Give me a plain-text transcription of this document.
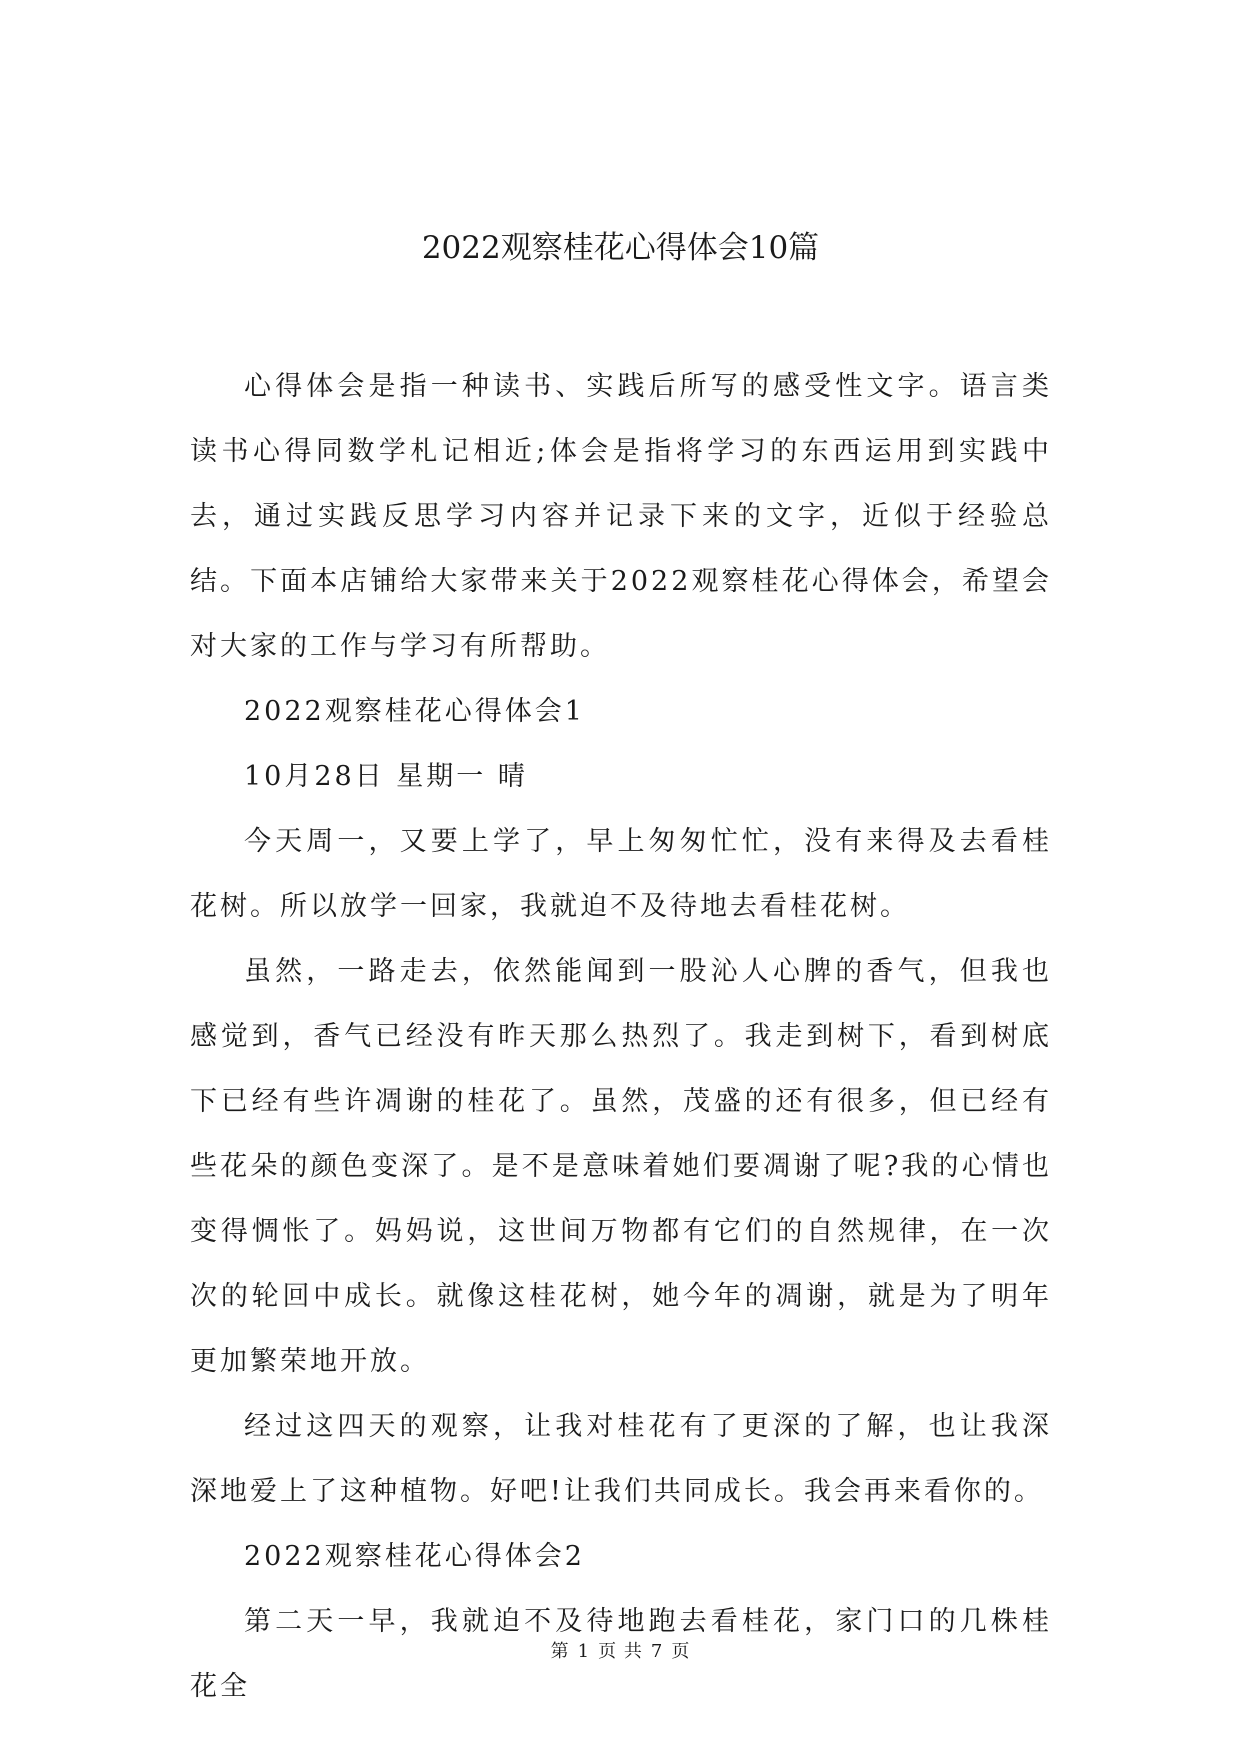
2022观察桂花心得体会10篇

心得体会是指一种读书、实践后所写的感受性文字。语言类读书心得同数学札记相近;体会是指将学习的东西运用到实践中去，通过实践反思学习内容并记录下来的文字，近似于经验总结。下面本店铺给大家带来关于2022观察桂花心得体会，希望会对大家的工作与学习有所帮助。

2022观察桂花心得体会1

10月28日 星期一 晴

今天周一，又要上学了，早上匆匆忙忙，没有来得及去看桂花树。所以放学一回家，我就迫不及待地去看桂花树。

虽然，一路走去，依然能闻到一股沁人心脾的香气，但我也感觉到，香气已经没有昨天那么热烈了。我走到树下，看到树底下已经有些许凋谢的桂花了。虽然，茂盛的还有很多，但已经有些花朵的颜色变深了。是不是意味着她们要凋谢了呢?我的心情也变得惆怅了。妈妈说，这世间万物都有它们的自然规律，在一次次的轮回中成长。就像这桂花树，她今年的凋谢，就是为了明年更加繁荣地开放。

经过这四天的观察，让我对桂花有了更深的了解，也让我深深地爱上了这种植物。好吧!让我们共同成长。我会再来看你的。

2022观察桂花心得体会2

第二天一早，我就迫不及待地跑去看桂花，家门口的几株桂花全

第 1 页 共 7 页
